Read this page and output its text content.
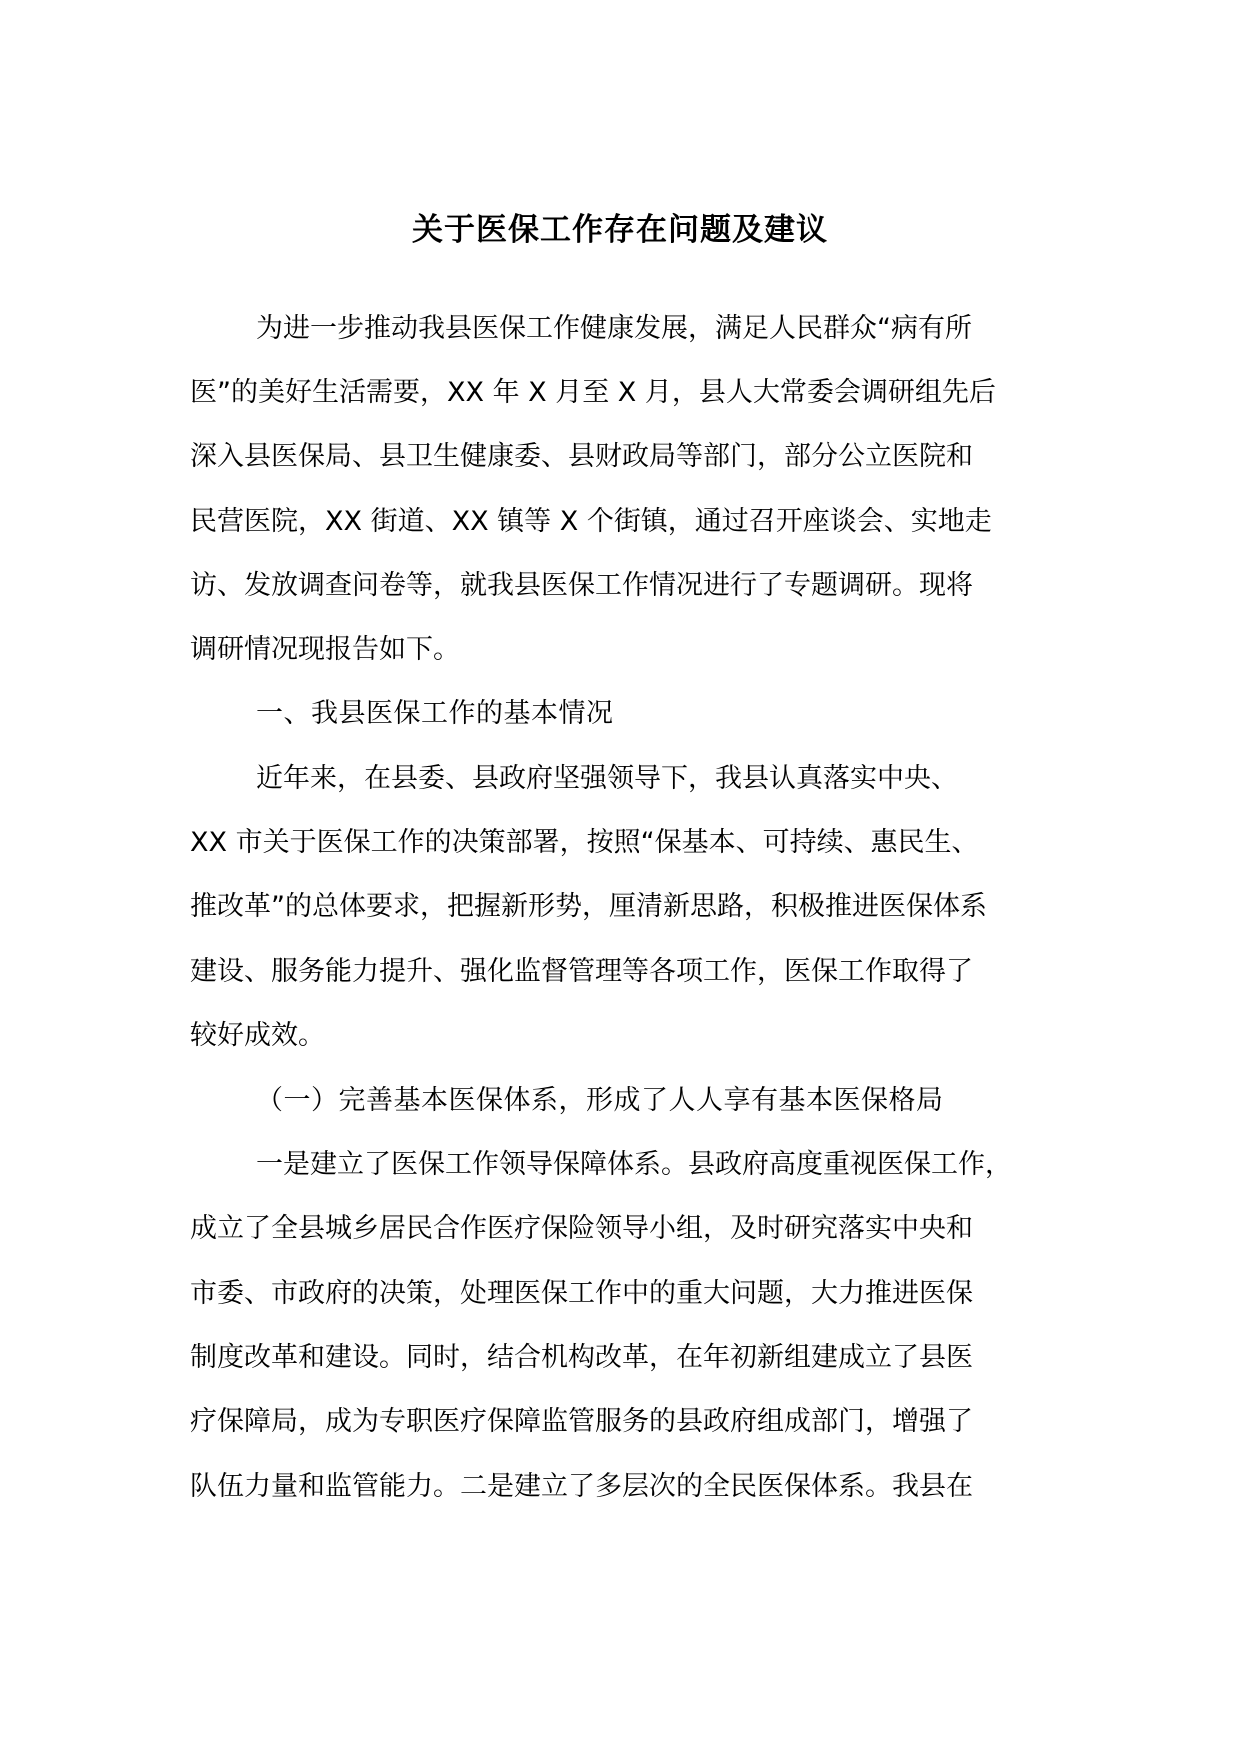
关于医保工作存在问题及建议
为进一步推动我县医保工作健康发展，满足人民群众“病有所
医”的美好生活需要，XX 年 X 月至 X 月，县人大常委会调研组先后
深入县医保局、县卫生健康委、县财政局等部门，部分公立医院和
民营医院，XX 街道、XX 镇等 X 个街镇，通过召开座谈会、实地走
访、发放调查问卷等，就我县医保工作情况进行了专题调研。现将
调研情况现报告如下。
一、我县医保工作的基本情况
近年来，在县委、县政府坚强领导下，我县认真落实中央、
XX 市关于医保工作的决策部署，按照“保基本、可持续、惠民生、
推改革”的总体要求，把握新形势，厘清新思路，积极推进医保体系
建设、服务能力提升、强化监督管理等各项工作，医保工作取得了
较好成效。
（一）完善基本医保体系，形成了人人享有基本医保格局
一是建立了医保工作领导保障体系。县政府高度重视医保工作，
成立了全县城乡居民合作医疗保险领导小组，及时研究落实中央和
市委、市政府的决策，处理医保工作中的重大问题，大力推进医保
制度改革和建设。同时，结合机构改革，在年初新组建成立了县医
疗保障局，成为专职医疗保障监管服务的县政府组成部门，增强了
队伍力量和监管能力。二是建立了多层次的全民医保体系。我县在
